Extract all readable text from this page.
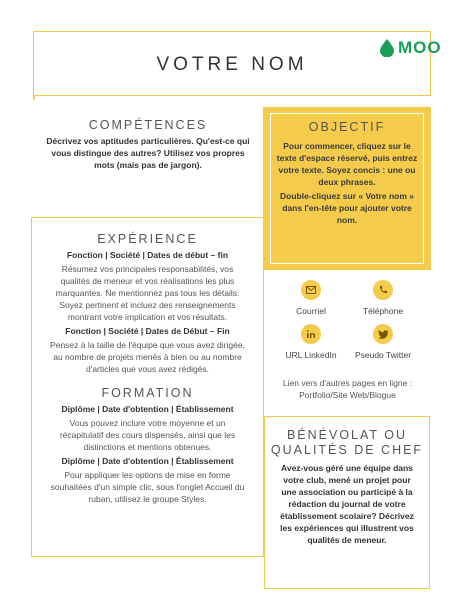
VOTRE NOM
MOO
COMPÉTENCES
Décrivez vos aptitudes particulières. Qu'est-ce qui vous distingue des autres? Utilisez vos propres mots (mais pas de jargon).
OBJECTIF
Pour commencer, cliquez sur le texte d'espace réservé, puis entrez votre texte. Soyez concis : une ou deux phrases.
Double-cliquez sur « Votre nom » dans l'en-tête pour ajouter votre nom.
EXPÉRIENCE
Fonction | Société | Dates de début – fin
Résumez vos principales responsabilités, vos qualités de meneur et vos réalisations les plus marquantes. Ne mentionnez pas tous les détails. Soyez pertinent et incluez des renseignements montrant votre implication et vos résultats.
Fonction | Société | Dates de Début – Fin
Pensez à la taille de l'équipe que vous avez dirigée, au nombre de projets menés à bien ou au nombre d'articles que vous avez rédigés.
FORMATION
Diplôme | Date d'obtention | Établissement
Vous pouvez inclure votre moyenne et un récapitulatif des cours dispensés, ainsi que les distinctions et mentions obtenues.
Diplôme | Date d'obtention | Établissement
Pour appliquer les options de mise en forme souhaitées d'un simple clic, sous l'onglet Accueil du ruban, utilisez le groupe Styles.
Courriel	Téléphone
URL LinkedIn	Pseudo Twitter
Lien vers d'autres pages en ligne : Portfolio/Site Web/Blogue
BÉNÉVOLAT OU
QUALITÉS DE CHEF
Avez-vous géré une équipe dans votre club, mené un projet pour une association ou participé à la rédaction du journal de votre établissement scolaire? Décrivez les expériences qui illustrent vos qualités de meneur.
